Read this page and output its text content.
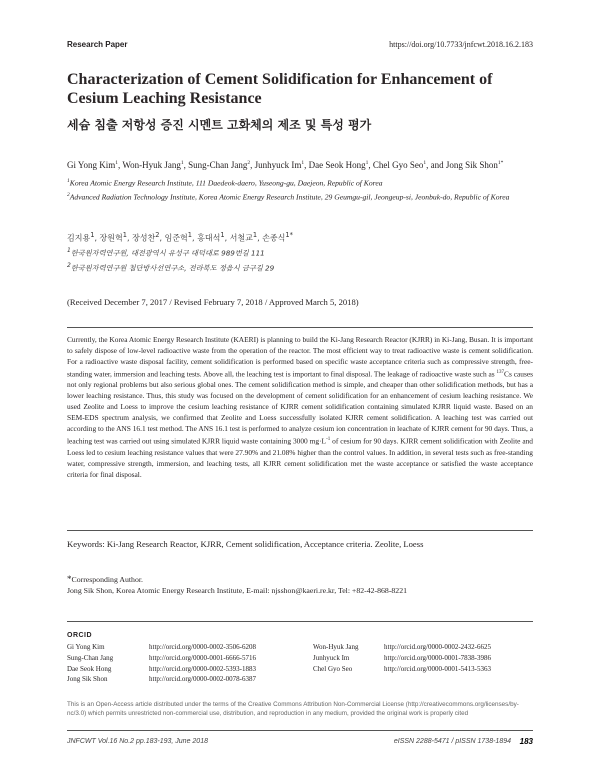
Research Paper	https://doi.org/10.7733/jnfcwt.2018.16.2.183
Characterization of Cement Solidification for Enhancement of Cesium Leaching Resistance
세슘 침출 저항성 증진 시멘트 고화체의 제조 및 특성 평가
Gi Yong Kim$^1$, Won-Hyuk Jang$^1$, Sung-Chan Jang$^2$, Junhyuck Im$^1$, Dae Seok Hong$^1$, Chel Gyo Seo$^1$, and Jong Sik Shon$^{1*}$
$^1$Korea Atomic Energy Research Institute, 111 Daedeok-daero, Yuseong-gu, Daejeon, Republic of Korea
$^2$Advanced Radiation Technology Institute, Korea Atomic Energy Research Institute, 29 Geumgu-gil, Jeongeup-si, Jeonbuk-do, Republic of Korea
김지용$^1$, 장원혁$^1$, 장성찬$^2$, 임준혁$^1$, 홍대석$^1$, 서철교$^1$, 손종식$^{1*}$
$^1$한국원자력연구원, 대전광역시 유성구 대덕대로 989번길 111
$^2$한국원자력연구원 첨단방사선연구소, 전라북도 정읍시 금구길 29
(Received December 7, 2017 / Revised February 7, 2018 / Approved March 5, 2018)

Currently, the Korea Atomic Energy Research Institute (KAERI) is planning to build the Ki-Jang Research Reactor (KJRR) in Ki-Jang, Busan. It is important to safely dispose of low-level radioactive waste from the operation of the reactor. The most efficient way to treat radioactive waste is cement solidification. For a radioactive waste disposal facility, cement solidification is performed based on specific waste acceptance criteria such as compressive strength, free-standing water, immersion and leaching tests. Above all, the leaching test is important to final disposal. The leakage of radioactive waste such as $^{137}$Cs causes not only regional problems but also serious global ones. The cement solidification method is simple, and cheaper than other solidification methods, but has a lower leaching resistance. Thus, this study was focused on the development of cement solidification for an enhancement of cesium leaching resistance. We used Zeolite and Loess to improve the cesium leaching resistance of KJRR cement solidification containing simulated KJRR liquid waste. Based on an SEM-EDS spectrum analysis, we confirmed that Zeolite and Loess successfully isolated KJRR cement solidification. A leaching test was carried out according to the ANS 16.1 test method. The ANS 16.1 test is performed to analyze cesium ion concentration in leachate of KJRR cement for 90 days. Thus, a leaching test was carried out using simulated KJRR liquid waste containing 3000 $mg\cdot L^{-1}$ of cesium for 90 days. KJRR cement solidification with Zeolite and Loess led to cesium leaching resistance values that were 27.90% and 21.08% higher than the control values. In addition, in several tests such as free-standing water, compressive strength, immersion, and leaching tests, all KJRR cement solidification met the waste acceptance or satisfied the waste acceptance criteria for final disposal.

Keywords: Ki-Jang Research Reactor, KJRR, Cement solidification, Acceptance criteria. Zeolite, Loess
*Corresponding Author.
Jong Sik Shon, Korea Atomic Energy Research Institute, E-mail: njsshon@kaeri.re.kr, Tel: +82-42-868-8221
ORCID
Gi Yong Kim	http://orcid.org/0000-0002-3506-6208	Won-Hyuk Jang	http://orcid.org/0000-0002-2432-6625
Sung-Chan Jang	http://orcid.org/0000-0001-6666-5716	Junhyuck Im	http://orcid.org/0000-0001-7838-3986
Dae Seok Hong	http://orcid.org/0000-0002-5393-1883	Chel Gyo Seo	http://orcid.org/0000-0001-5413-5363
Jong Sik Shon	http://orcid.org/0000-0002-0078-6387
This is an Open-Access article distributed under the terms of the Creative Commons Attribution Non-Commercial License (http://creativecommons.org/licenses/by-nc/3.0) which permits unrestricted non-commercial use, distribution, and reproduction in any medium, provided the original work is properly cited
JNFCWT Vol.16 No.2 pp.183-193, June 2018	eISSN 2288-5471 / pISSN 1738-1894 183
